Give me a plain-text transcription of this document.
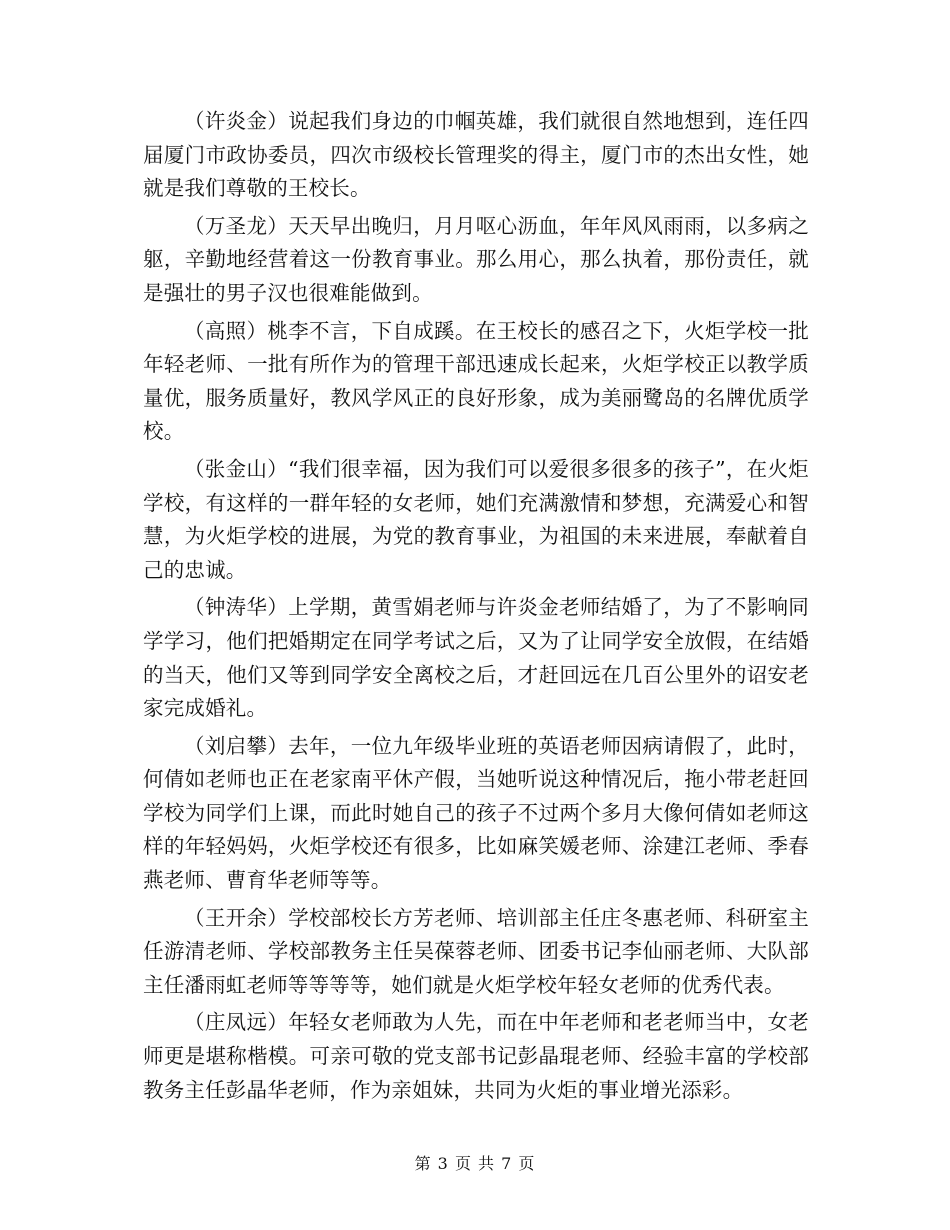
（许炎金）说起我们身边的巾帼英雄，我们就很自然地想到，连任四届厦门市政协委员，四次市级校长管理奖的得主，厦门市的杰出女性，她就是我们尊敬的王校长。

（万圣龙）天天早出晚归，月月呕心沥血，年年风风雨雨，以多病之躯，辛勤地经营着这一份教育事业。那么用心，那么执着，那份责任，就是强壮的男子汉也很难能做到。

（高照）桃李不言，下自成蹊。在王校长的感召之下，火炬学校一批年轻老师、一批有所作为的管理干部迅速成长起来，火炬学校正以教学质量优，服务质量好，教风学风正的良好形象，成为美丽鹭岛的名牌优质学校。

（张金山）“我们很幸福，因为我们可以爱很多很多的孩子”，在火炬学校，有这样的一群年轻的女老师，她们充满激情和梦想，充满爱心和智慧，为火炬学校的进展，为党的教育事业，为祖国的未来进展，奉献着自己的忠诚。

（钟涛华）上学期，黄雪娟老师与许炎金老师结婚了，为了不影响同学学习，他们把婚期定在同学考试之后，又为了让同学安全放假，在结婚的当天，他们又等到同学安全离校之后，才赶回远在几百公里外的诏安老家完成婚礼。

（刘启攀）去年，一位九年级毕业班的英语老师因病请假了，此时，何倩如老师也正在老家南平休产假，当她听说这种情况后，拖小带老赶回学校为同学们上课，而此时她自己的孩子不过两个多月大像何倩如老师这样的年轻妈妈，火炬学校还有很多，比如麻笑媛老师、涂建江老师、季春燕老师、曹育华老师等等。

（王开余）学校部校长方芳老师、培训部主任庄冬惠老师、科研室主任游清老师、学校部教务主任吴葆蓉老师、团委书记李仙丽老师、大队部主任潘雨虹老师等等等等，她们就是火炬学校年轻女老师的优秀代表。

（庄凤远）年轻女老师敢为人先，而在中年老师和老老师当中，女老师更是堪称楷模。可亲可敬的党支部书记彭晶琨老师、经验丰富的学校部教务主任彭晶华老师，作为亲姐妹，共同为火炬的事业增光添彩。

第 3 页 共 7 页
